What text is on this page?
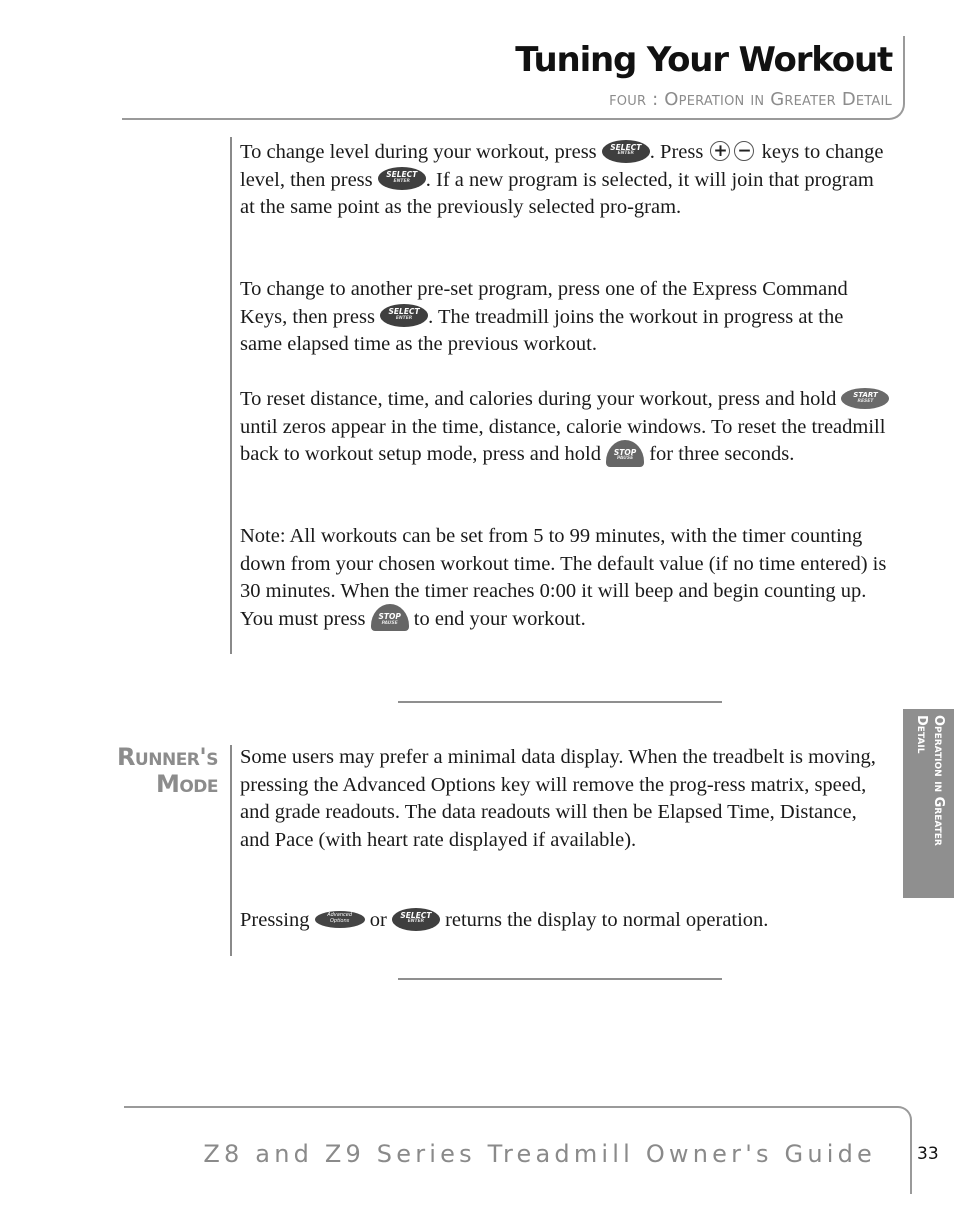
Tuning Your Workout
four : Operation in Greater Detail

To change level during your workout, press	SELECT
ENTER . Press + − keys to change level, then press	SELECT
ENTER . If a new program is selected, it will join that program at the same point as the previously selected pro-gram.

To change to another pre-set program, press one of the Express Command Keys, then press	SELECT
ENTER . The treadmill joins the workout in progress at the same elapsed time as the previous workout.

To reset distance, time, and calories during your workout, press and hold	START
RESET
until zeros appear in the time, distance, calorie windows. To reset the treadmill back to workout setup mode, press and hold	STOP
PAUSE for three seconds.

Note: All workouts can be set from 5 to 99 minutes, with the timer counting down from your chosen workout time. The default value (if no time entered) is 30 minutes. When the timer reaches 0:00 it will beep and begin counting up. You must press	STOP
PAUSE to end your workout.

Runner's
Mode

Some users may prefer a minimal data display. When the treadbelt is moving, pressing the Advanced Options key will remove the prog-ress matrix, speed, and grade readouts. The data readouts will then be Elapsed Time, Distance, and Pace (with heart rate displayed if available).

Pressing	Advanced
Options or	SELECT
ENTER returns the display to normal operation.

Operation in Greater
Detail
Z8 and Z9 Series Treadmill Owner's Guide 33
